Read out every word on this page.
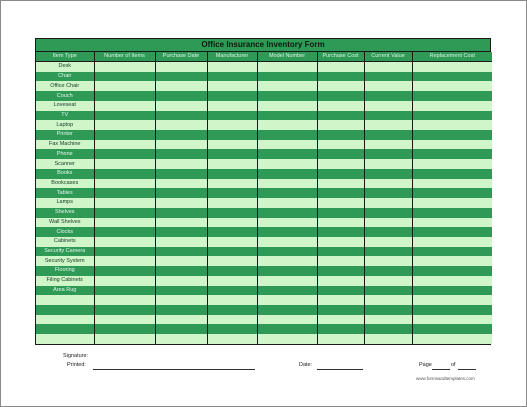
Office Insurance Inventory Form
Item Type	Number of Items	Purchase Date	Manufacturer	Model Number	Purchase Cost	Current Value	Replacement Cost
Desk							
Chair							
Office Chair							
Couch							
Loveseat							
TV							
Laptop							
Printer							
Fax Machine							
Phone							
Scanner							
Books							
Bookcases							
Tables							
Lamps							
Shelves							
Wall Shelves							
Clocks							
Cabinets							
Security Camera							
Security System							
Flooring							
Filing Cabinets							
Area Rug							

Signature:
Printed:	Date:	Page	of
www.formsandtemplates.com
